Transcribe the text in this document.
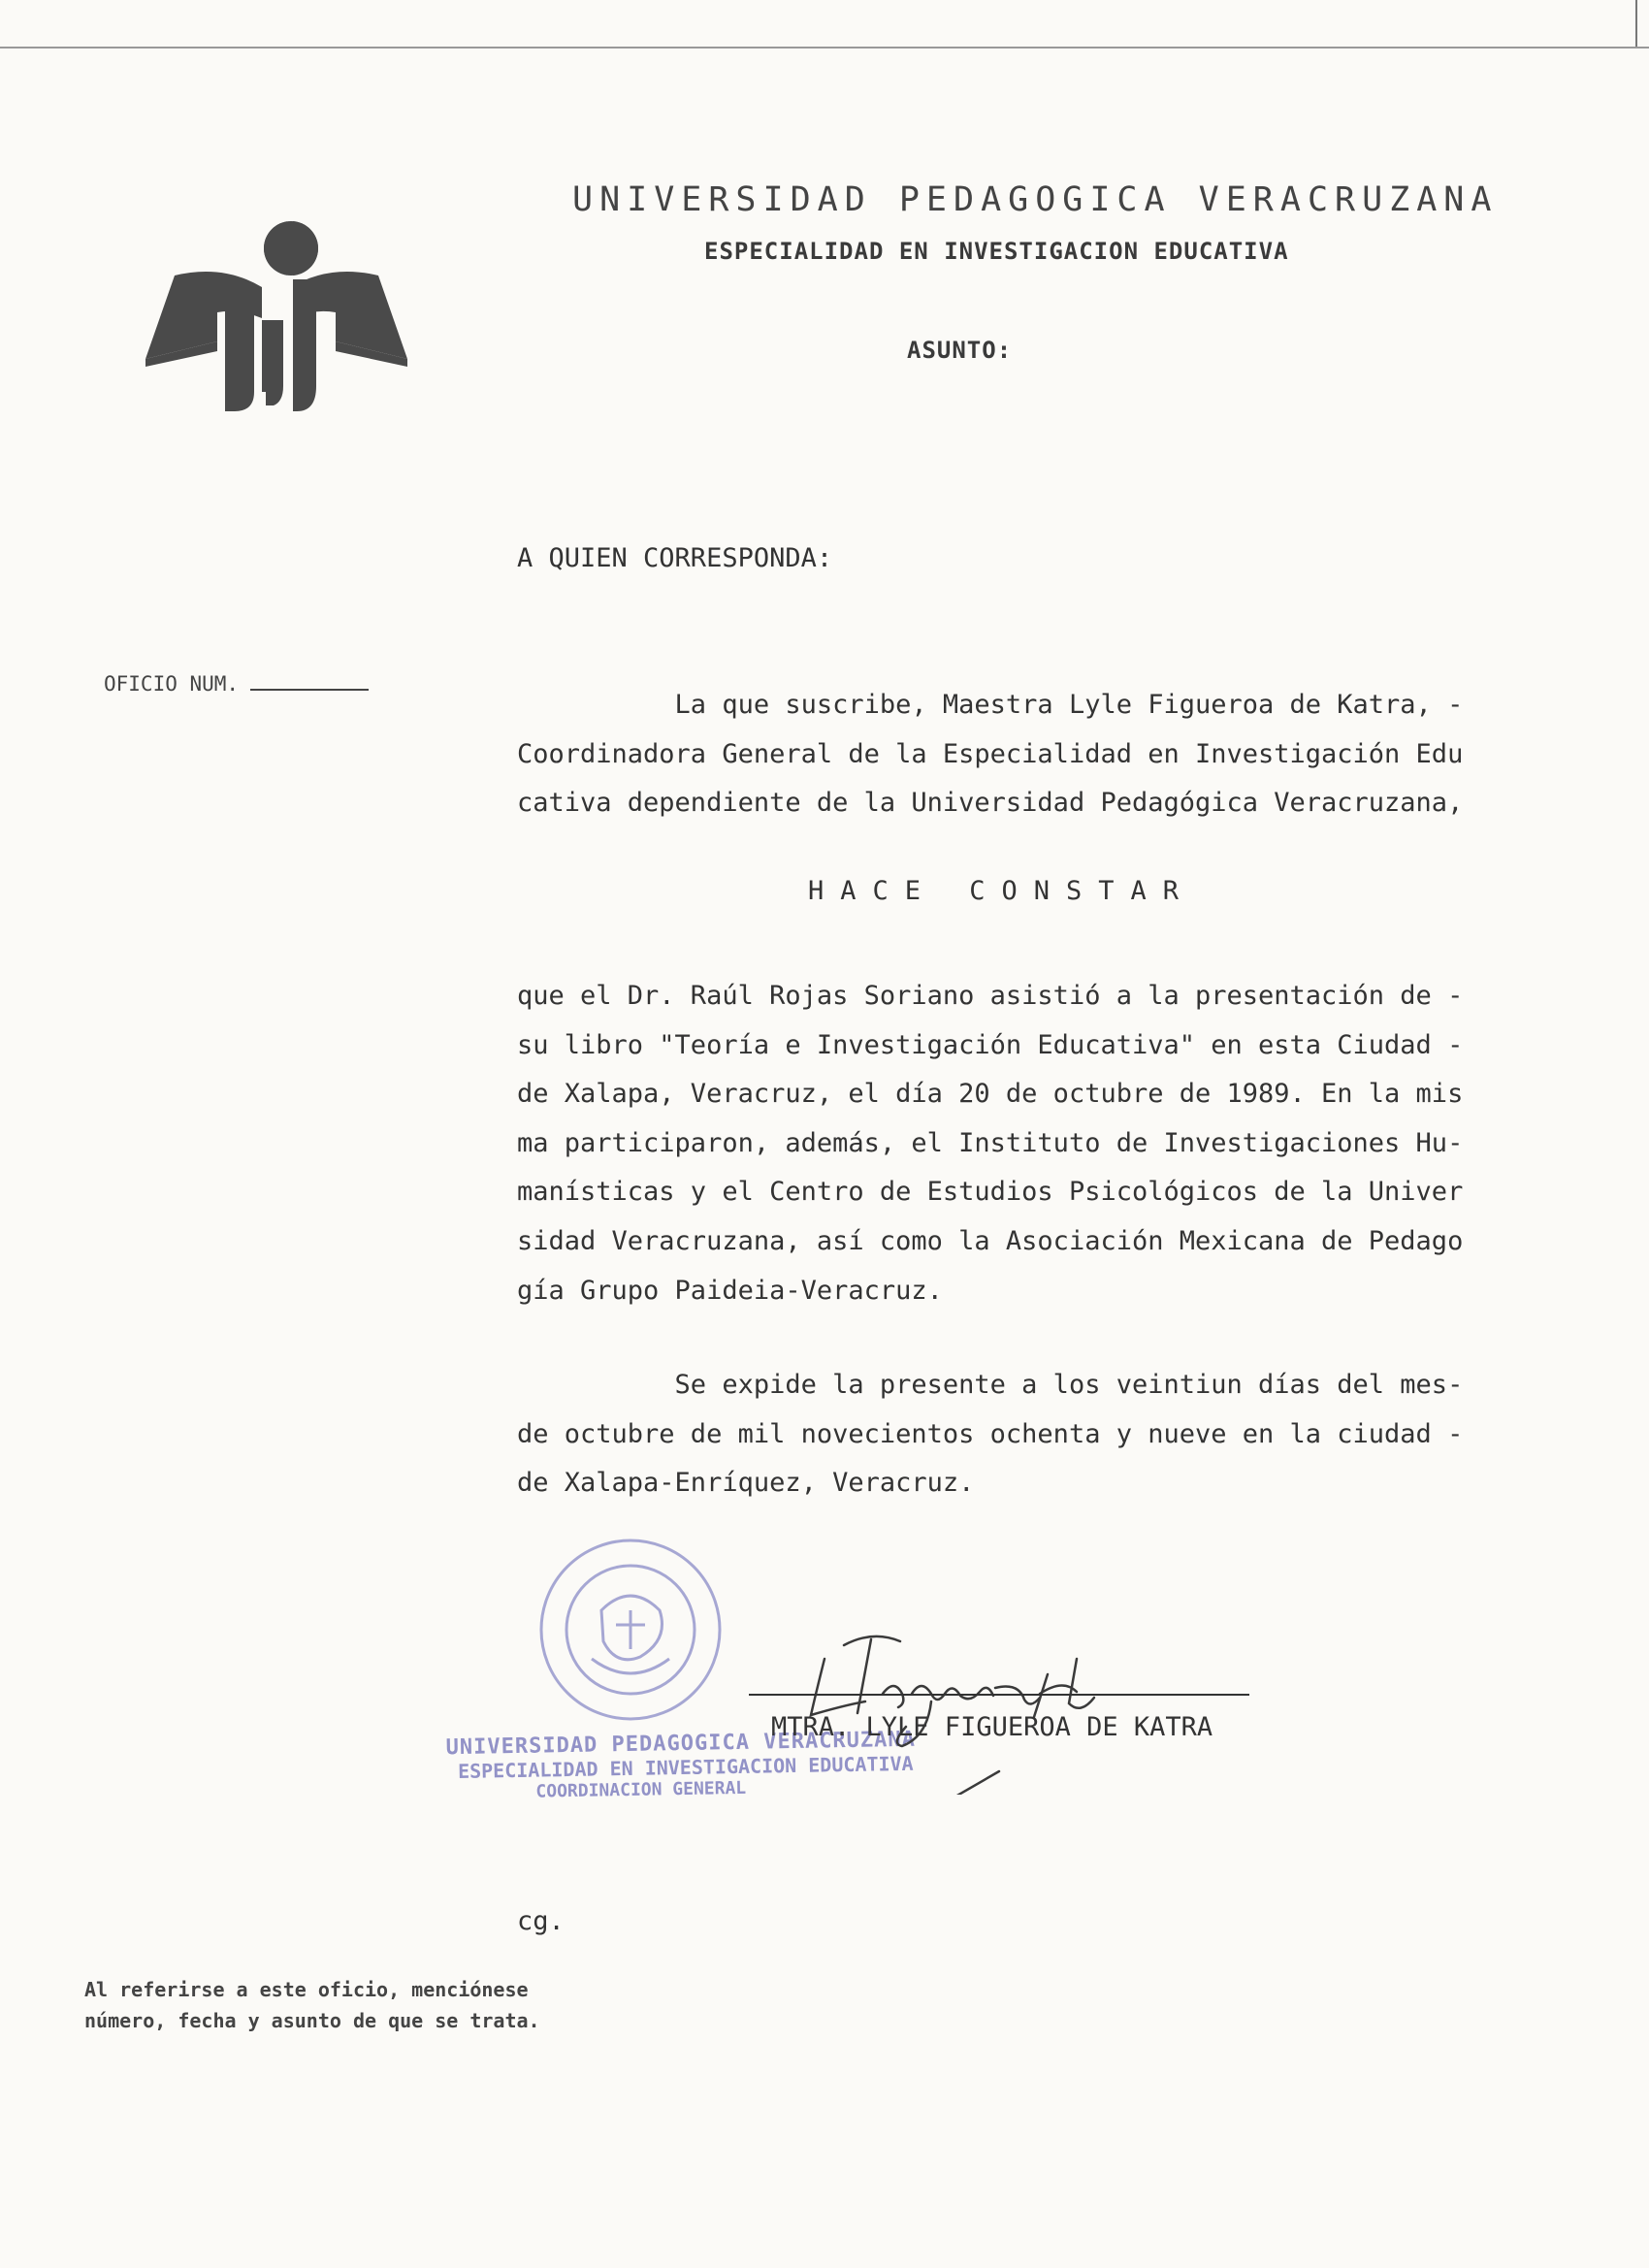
UNIVERSIDAD PEDAGOGICA VERACRUZANA
ESPECIALIDAD EN INVESTIGACION EDUCATIVA
ASUNTO:
A QUIEN CORRESPONDA:
OFICIO NUM.
La que suscribe, Maestra Lyle Figueroa de Katra, -
Coordinadora General de la Especialidad en Investigación Edu
cativa dependiente de la Universidad Pedagógica Veracruzana,
HACE CONSTAR
que el Dr. Raúl Rojas Soriano asistió a la presentación de -
su libro "Teoría e Investigación Educativa" en esta Ciudad -
de Xalapa, Veracruz, el día 20 de octubre de 1989. En la mis
ma participaron, además, el Instituto de Investigaciones Hu-
manísticas y el Centro de Estudios Psicológicos de la Univer
sidad Veracruzana, así como la Asociación Mexicana de Pedago
gía Grupo Paideia-Veracruz.
Se expide la presente a los veintiun días del mes-
de octubre de mil novecientos ochenta y nueve en la ciudad -
de Xalapa-Enríquez, Veracruz.
UNIVERSIDAD PEDAGOGICA VERACRUZANA
ESPECIALIDAD EN INVESTIGACION EDUCATIVA
COORDINACION GENERAL
MTRA. LYLE FIGUEROA DE KATRA
cg.
Al referirse a este oficio, menciónese
número, fecha y asunto de que se trata.
